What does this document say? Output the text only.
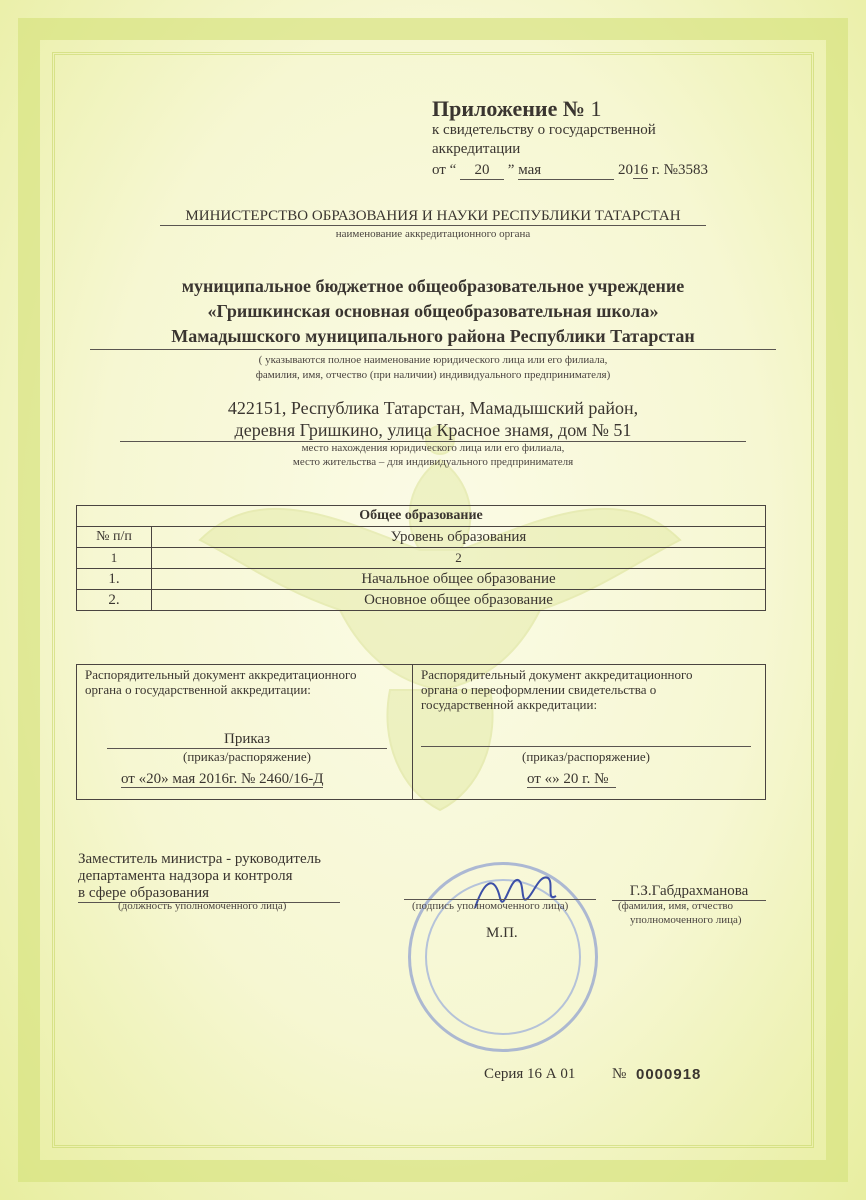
Приложение № 1
к свидетельству о государственной
аккредитации
от “ 20 ” мая	2016 г. №3583
МИНИСТЕРСТВО ОБРАЗОВАНИЯ И НАУКИ РЕСПУБЛИКИ ТАТАРСТАН
наименование аккредитационного органа
муниципальное бюджетное общеобразовательное учреждение
«Гришкинская основная общеобразовательная школа»
Мамадышского муниципального района Республики Татарстан
( указываются полное наименование юридического лица или его филиала,
фамилия, имя, отчество (при наличии) индивидуального предпринимателя)
422151, Республика Татарстан, Мамадышский район,
деревня Гришкино, улица Красное знамя, дом № 51
место нахождения юридического лица или его филиала,
место жительства – для индивидуального предпринимателя
Общее образование	
№ п/п	Уровень образования
1	2
1.	Начальное общее образование
2.	Основное общее образование
Распорядительный документ аккредитационного
органа о государственной аккредитации:
Приказ
(приказ/распоряжение)
от «20» мая 2016г. № 2460/16-Д
Распорядительный документ аккредитационного
органа о переоформлении свидетельства о
государственной аккредитации:
(приказ/распоряжение)
от «» 20 г. №
Заместитель министра - руководитель
департамента надзора и контроля
в сфере образования
(должность уполномоченного лица)	(подпись уполномоченного лица)
М.П.
Г.З.Габдрахманова
(фамилия, имя, отчество
уполномоченного лица)
Серия 16 А 01 № 0000918
